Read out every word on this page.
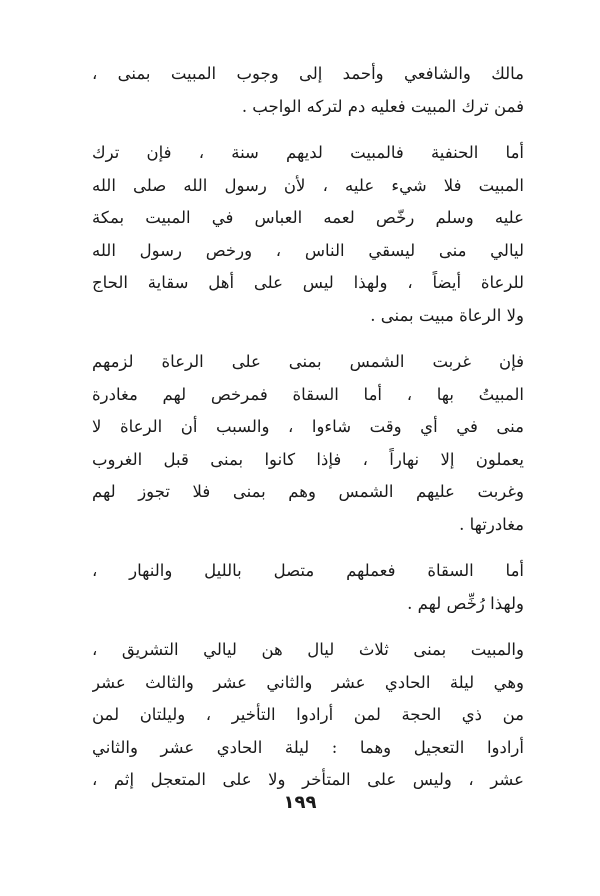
مالك والشافعي وأحمد إلى وجوب المبيت بمنى ،
فمن ترك المبيت فعليه دم لتركه الواجب .

أما الحنفية فالمبيت لديهم سنة ، فإن ترك
المبيت فلا شيء عليه ، لأن رسول الله صلى الله
عليه وسلم رخّص لعمه العباس في المبيت بمكة
ليالي منى ليسقي الناس ، ورخص رسول الله
للرعاة أيضاً ، ولهذا ليس على أهل سقاية الحاج
ولا الرعاة مبيت بمنى .

فإن غربت الشمس بمنى على الرعاة لزمهم
المبيتُ بها ، أما السقاة فمرخص لهم مغادرة
منى في أي وقت شاءوا ، والسبب أن الرعاة لا
يعملون إلا نهاراً ، فإذا كانوا بمنى قبل الغروب
وغربت عليهم الشمس وهم بمنى فلا تجوز لهم
مغادرتها .

أما السقاة فعملهم متصل بالليل والنهار ،
ولهذا رُخِّص لهم .

والمبيت بمنى ثلاث ليال هن ليالي التشريق ،
وهي ليلة الحادي عشر والثاني عشر والثالث عشر
من ذي الحجة لمن أرادوا التأخير ، وليلتان لمن
أرادوا التعجيل وهما : ليلة الحادي عشر والثاني
عشر ، وليس على المتأخر ولا على المتعجل إثم ،

١٩٩
